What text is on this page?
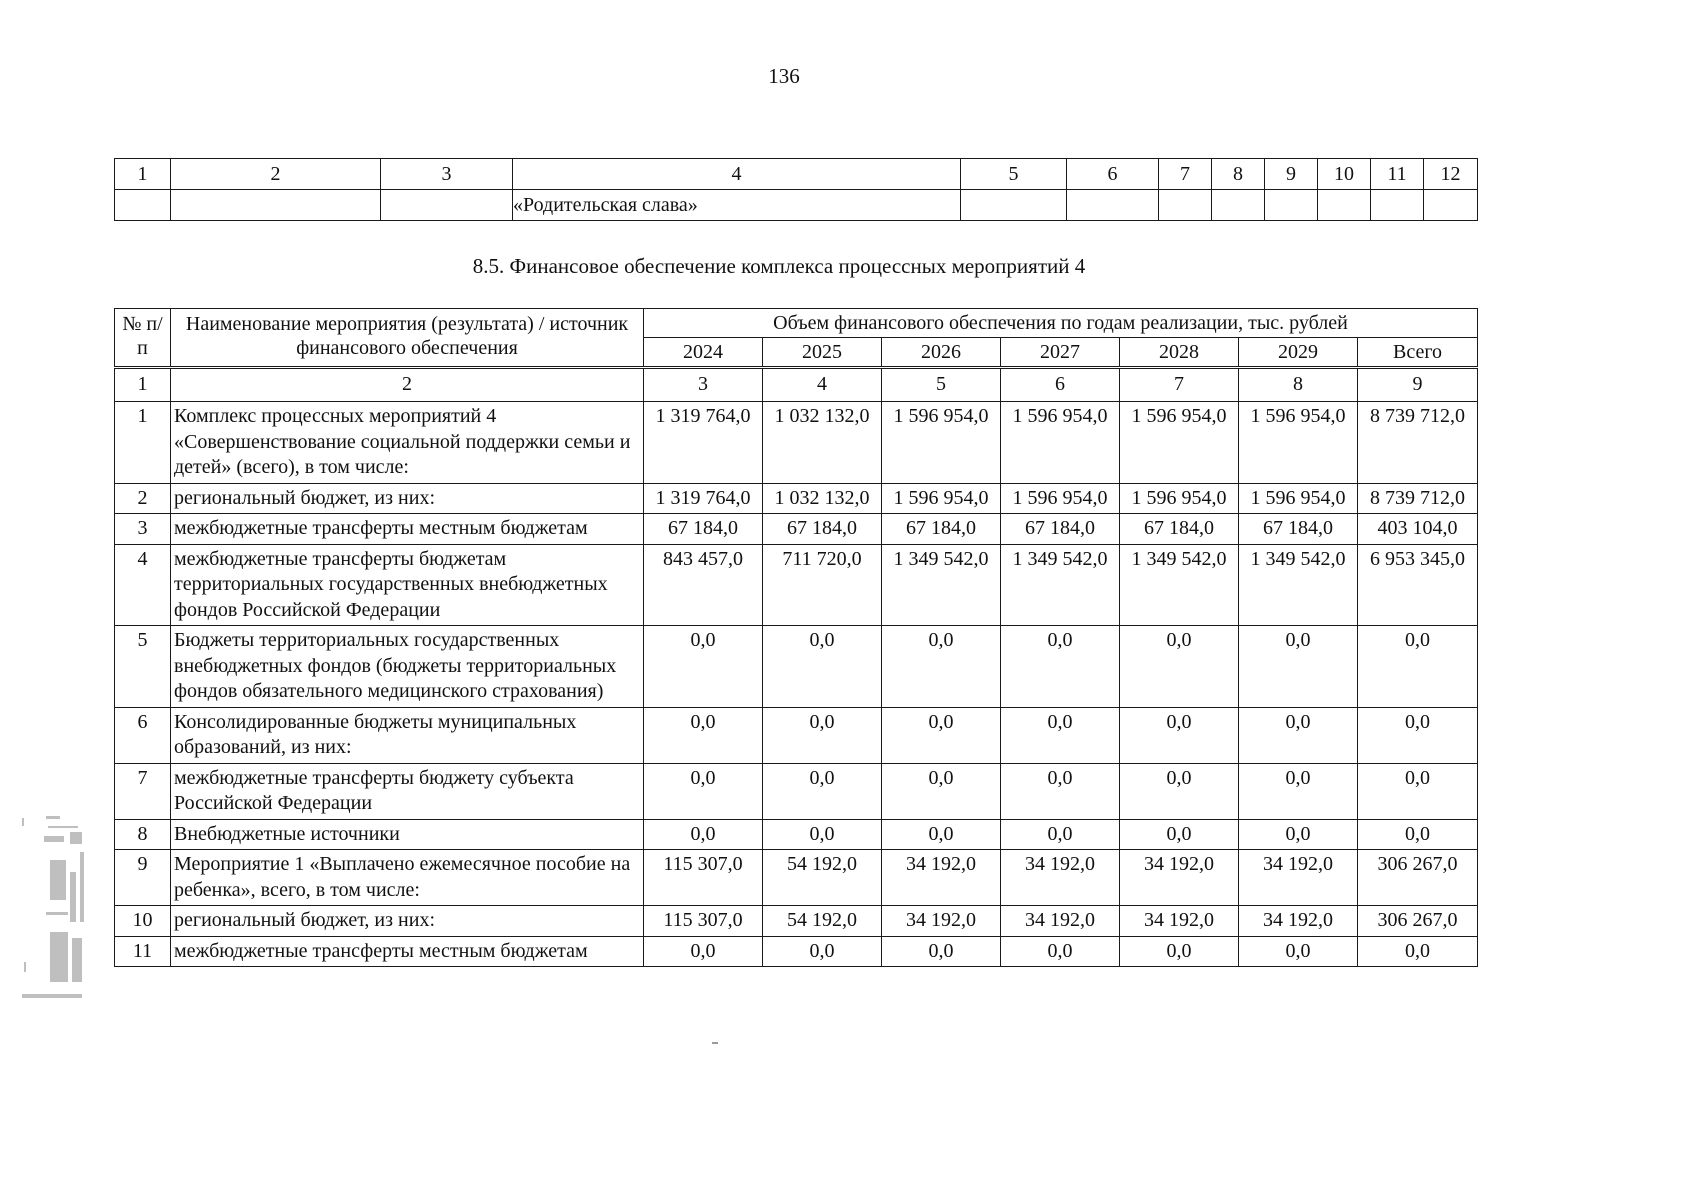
136
1	2	3	4	5	6	7	8	9	10	11	12
			«Родительская слава»								
8.5. Финансовое обеспечение комплекса процессных мероприятий 4
№ п/п	Наименование мероприятия (результата) / источник финансового обеспечения	Объем финансового обеспечения по годам реализации, тыс. рублей						
		2024	2025	2026	2027	2028	2029	Всего
1	2	3	4	5	6	7	8	9
1	Комплекс процессных мероприятий 4 «Совершенствование социальной поддержки семьи и детей» (всего), в том числе:	1 319 764,0	1 032 132,0	1 596 954,0	1 596 954,0	1 596 954,0	1 596 954,0	8 739 712,0
2	региональный бюджет, из них:	1 319 764,0	1 032 132,0	1 596 954,0	1 596 954,0	1 596 954,0	1 596 954,0	8 739 712,0
3	межбюджетные трансферты местным бюджетам	67 184,0	67 184,0	67 184,0	67 184,0	67 184,0	67 184,0	403 104,0
4	межбюджетные трансферты бюджетам территориальных государственных внебюджетных фондов Российской Федерации	843 457,0	711 720,0	1 349 542,0	1 349 542,0	1 349 542,0	1 349 542,0	6 953 345,0
5	Бюджеты территориальных государственных внебюджетных фондов (бюджеты территориальных фондов обязательного медицинского страхования)	0,0	0,0	0,0	0,0	0,0	0,0	0,0
6	Консолидированные бюджеты муниципальных образований, из них:	0,0	0,0	0,0	0,0	0,0	0,0	0,0
7	межбюджетные трансферты бюджету субъекта Российской Федерации	0,0	0,0	0,0	0,0	0,0	0,0	0,0
8	Внебюджетные источники	0,0	0,0	0,0	0,0	0,0	0,0	0,0
9	Мероприятие 1 «Выплачено ежемесячное пособие на ребенка», всего, в том числе:	115 307,0	54 192,0	34 192,0	34 192,0	34 192,0	34 192,0	306 267,0
10	региональный бюджет, из них:	115 307,0	54 192,0	34 192,0	34 192,0	34 192,0	34 192,0	306 267,0
11	межбюджетные трансферты местным бюджетам	0,0	0,0	0,0	0,0	0,0	0,0	0,0
